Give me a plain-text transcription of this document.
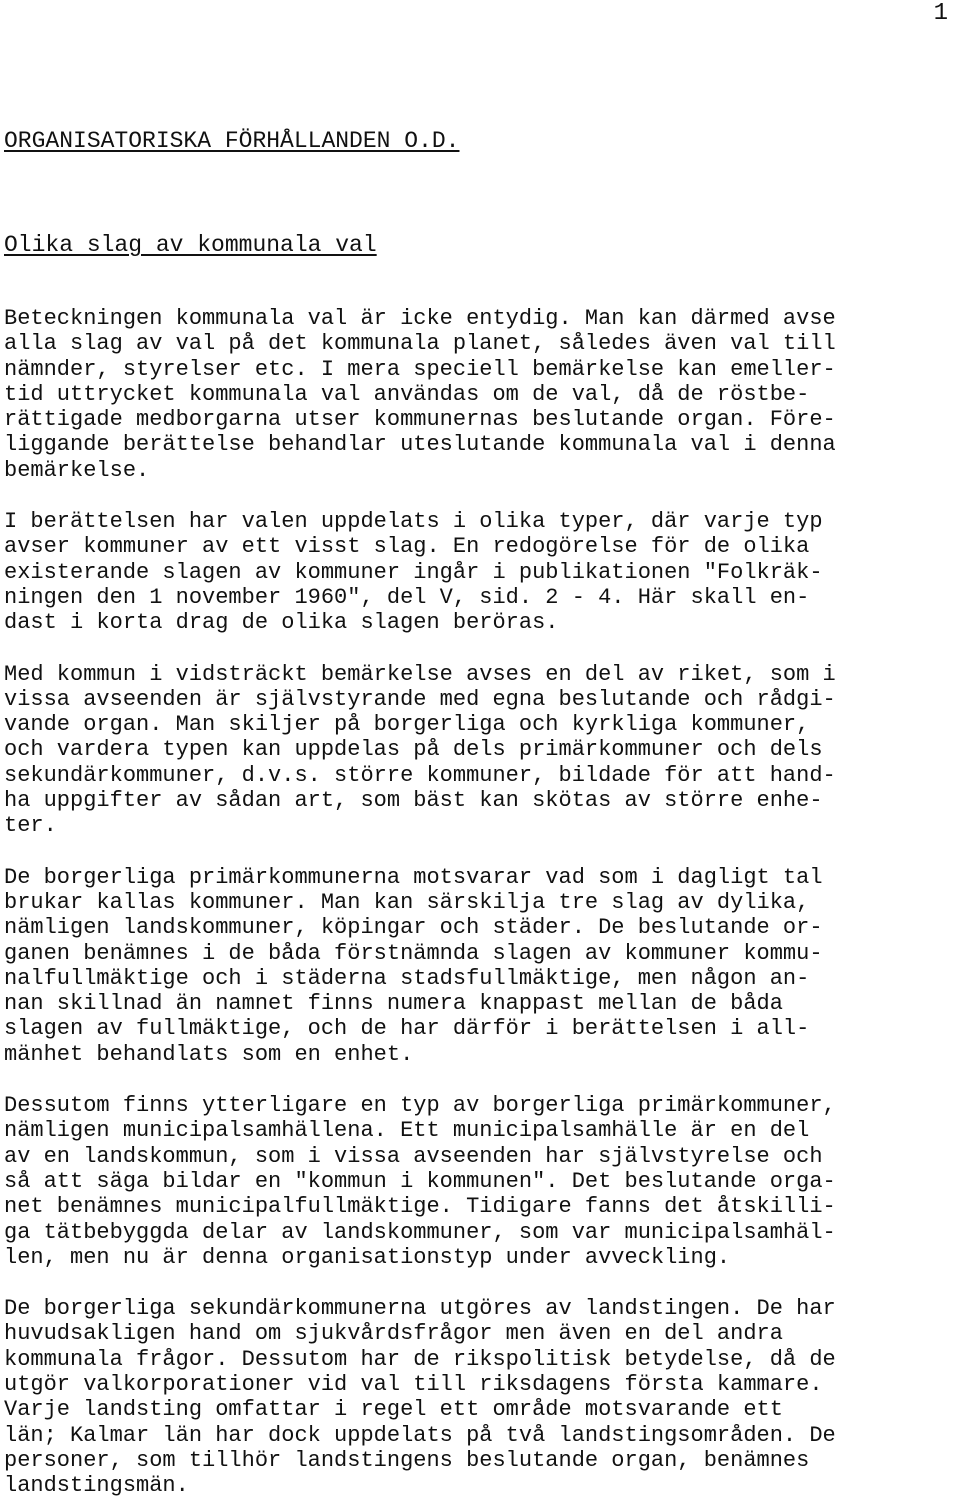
1
ORGANISATORISKA FÖRHÅLLANDEN O.D.
Olika slag av kommunala val
Beteckningen kommunala val är icke entydig. Man kan därmed avse
alla slag av val på det kommunala planet, således även val till
nämnder, styrelser etc. I mera speciell bemärkelse kan emeller-
tid uttrycket kommunala val användas om de val, då de röstbe-
rättigade medborgarna utser kommunernas beslutande organ. Före-
liggande berättelse behandlar uteslutande kommunala val i denna
bemärkelse.
I berättelsen har valen uppdelats i olika typer, där varje typ
avser kommuner av ett visst slag. En redogörelse för de olika
existerande slagen av kommuner ingår i publikationen "Folkräk-
ningen den 1 november 1960", del V, sid. 2 - 4. Här skall en-
dast i korta drag de olika slagen beröras.
Med kommun i vidsträckt bemärkelse avses en del av riket, som i
vissa avseenden är självstyrande med egna beslutande och rådgi-
vande organ. Man skiljer på borgerliga och kyrkliga kommuner,
och vardera typen kan uppdelas på dels primärkommuner och dels
sekundärkommuner, d.v.s. större kommuner, bildade för att hand-
ha uppgifter av sådan art, som bäst kan skötas av större enhe-
ter.
De borgerliga primärkommunerna motsvarar vad som i dagligt tal
brukar kallas kommuner. Man kan särskilja tre slag av dylika,
nämligen landskommuner, köpingar och städer. De beslutande or-
ganen benämnes i de båda förstnämnda slagen av kommuner kommu-
nalfullmäktige och i städerna stadsfullmäktige, men någon an-
nan skillnad än namnet finns numera knappast mellan de båda
slagen av fullmäktige, och de har därför i berättelsen i all-
mänhet behandlats som en enhet.
Dessutom finns ytterligare en typ av borgerliga primärkommuner,
nämligen municipalsamhällena. Ett municipalsamhälle är en del
av en landskommun, som i vissa avseenden har självstyrelse och
så att säga bildar en "kommun i kommunen". Det beslutande orga-
net benämnes municipalfullmäktige. Tidigare fanns det åtskilli-
ga tätbebyggda delar av landskommuner, som var municipalsamhäl-
len, men nu är denna organisationstyp under avveckling.
De borgerliga sekundärkommunerna utgöres av landstingen. De har
huvudsakligen hand om sjukvårdsfrågor men även en del andra
kommunala frågor. Dessutom har de rikspolitisk betydelse, då de
utgör valkorporationer vid val till riksdagens första kammare.
Varje landsting omfattar i regel ett område motsvarande ett
län; Kalmar län har dock uppdelats på två landstingsområden. De
personer, som tillhör landstingens beslutande organ, benämnes
landstingsmän.
